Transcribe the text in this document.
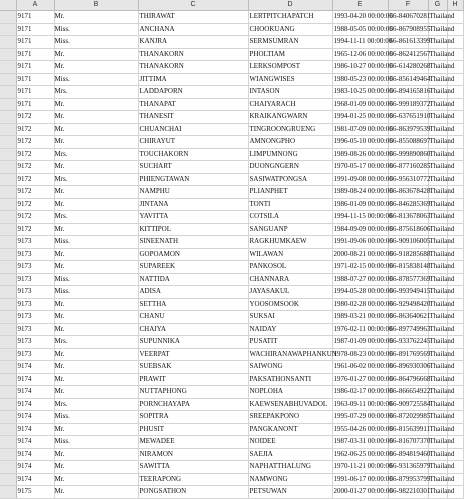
	A	B	C	D	E	F	G	H	
	9171	Mr.	THIRAWAT	LERTPITCHAPATCH	1993-04-20 00:00:00	66-840670281	Thailand		
	9171	Miss.	ANCHANA	CHOOKUANG	1988-05-05 00:00:00	66-867908955	Thailand		
	9171	Miss.	KANJRA	SERMSUMRAN	1994-11-11 00:00:00	66-861613399	Thailand		
	9171	Mr.	THANAKORN	PHOLTIAM	1965-12-06 00:00:00	66-862412567	Thailand		
	9171	Mr.	THANAKORN	LERKSOMPOST	1986-10-27 00:00:00	66-614280268	Thailand		
	9171	Miss.	JITTIMA	WIANGWISES	1980-05-23 00:00:00	66-856149464	Thailand		
	9171	Mrs.	LADDAPORN	INTASON	1983-10-25 00:00:00	66-894165816	Thailand		
	9171	Mr.	THANAPAT	CHAIYARACH	1968-01-09 00:00:00	66-999189372	Thailand		
	9172	Mr.	THANESIT	KRAIKANGWARN	1994-01-25 00:00:00	66-637651910	Thailand		
	9172	Mr.	CHUANCHAI	TINGROONGRUENG	1981-07-09 00:00:00	66-863979539	Thailand		
	9172	Mr.	CHIRAYUT	AMNONGPHO	1996-05-10 00:00:00	66-855088697	Thailand		
	9172	Mrs.	TOUCHAKORN	LIMPUMNONG	1989-08-26 00:00:00	66-999890860	Thailand		
	9172	Mr.	SUCHART	DUONGNGERN	1970-05-17 00:00:00	66-877160285	Thailand		
	9172	Mrs.	PHIENGTAWAN	SASIWATPONGSA	1991-09-08 00:00:00	66-956310772	Thailand		
	9172	Mr.	NAMPHU	PLIANPHET	1989-08-24 00:00:00	66-863678428	Thailand		
	9172	Mr.	JINTANA	TONTI	1986-01-09 00:00:00	66-846285369	Thailand		
	9172	Mrs.	YAVITTA	COTSILA	1994-11-15 00:00:00	66-813678063	Thailand		
	9172	Mr.	KITTIPOL	SANGUANP	1984-09-09 00:00:00	66-875618606	Thailand		
	9173	Miss.	SINEENATH	RAGKHUMKAEW	1991-09-06 00:00:00	66-909106005	Thailand		
	9173	Mr.	GOPOAMON	WILAWAN	2000-08-21 00:00:00	66-918285688	Thailand		
	9173	Mr.	SUPAREEK	PANKOSOL	1971-02-15 00:00:00	66-815838148	Thailand		
	9173	Miss.	NATTIDA	CHANNARA	1988-07-27 00:00:00	66-878577369	Thailand		
	9173	Miss.	ADISA	JAYASAKUL	1994-05-28 00:00:00	66-993949415	Thailand		
	9173	Mr.	SETTHA	YOOSOMSOOK	1980-02-28 00:00:00	66-929498420	Thailand		
	9173	Mr.	CHANU	SUKSAI	1989-03-21 00:00:00	66-863640621	Thailand		
	9173	Mr.	CHAIYA	NAIDAY	1976-02-11 00:00:00	66-897749963	Thailand		
	9173	Mrs.	SUPUNNIKA	PUSATIT	1987-01-09 00:00:00	66-933762245	Thailand		
	9173	Mr.	VEERPAT	WACHIRANAWAPHANKUN	1978-08-23 00:00:00	66-891769569	Thailand		
	9174	Mr.	SUEBSAK	SAIWONG	1961-06-02 00:00:00	66-896930306	Thailand		
	9174	Mr.	PRAWIT	PAKSATHONSANTI	1976-01-27 00:00:00	66-864796668	Thailand		
	9174	Mr.	NUTTAPHONG	NOPLOHA	1986-02-17 00:00:00	66-866654922	Thailand		
	9174	Mrs.	PORNCHAYAPA	KAEWSENABHUVADOL	1963-09-11 00:00:00	66-909725584	Thailand		
	9174	Miss.	SOPITRA	SREEPAKPONO	1995-07-29 00:00:00	66-872029985	Thailand		
	9174	Mr.	PHUSIT	PANGKANONT	1955-04-26 00:00:00	66-815639911	Thailand		
	9174	Miss.	MEWADEE	NOIDEE	1987-03-31 00:00:00	66-816707370	Thailand		
	9174	Mr.	NIRAMON	SAEJIA	1962-06-25 00:00:00	66-894819460	Thailand		
	9174	Mr.	SAWITTA	NAPHATTHALUNG	1970-11-21 00:00:00	66-931365979	Thailand		
	9174	Mr.	TEERAPONG	NAMWONG	1991-06-17 00:00:00	66-879953799	Thailand		
	9175	Mr.	PONGSATHON	PETSUWAN	2000-01-27 00:00:00	66-982210301	Thailand		
